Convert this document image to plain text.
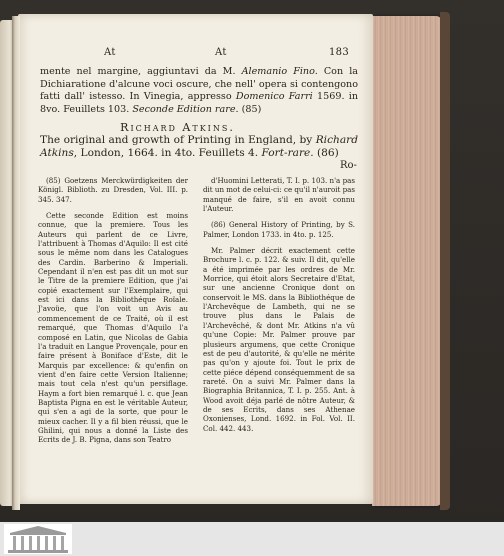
At	At	183
mente nel margine, aggiuntavi da M. Alemanio Fino. Con la Dichiaratione d'alcune voci oscure, che nell' opera si contengono fatti dall' istesso. In Vinegia, appresso Domenico Farri 1569. in 8vo. Feuillets 103. Seconde Edition rare. (85)
Richard Atkins.
The original and growth of Printing in England, by Richard Atkins, London, 1664. in 4to. Feuillets 4. Fort-rare. (86)
Ro-

(85) Goetzens Merckwürdigkeiten der Königl. Biblioth. zu Dresden, Vol. III. p. 345. 347.

Cette seconde Edition est moins connue, que la premiere. Tous les Auteurs qui parlent de ce Livre, l'attribuent à Thomas d'Aquilo: Il est cité sous le même nom dans les Catalogues des Cardin. Barberino & Imperiali. Cependant il n'en est pas dit un mot sur le Titre de la premiere Edition, que j'ai copié exactement sur l'Exemplaire, qui est ici dans la Bibliothéque Roïale. J'avoüe, que l'on voit un Avis au commencement de ce Traité, où il est remarqué, que Thomas d'Aquilo l'a composé en Latin, que Nicolas de Gabia l'a traduit en Langue Provençale, pour en faire présent à Boniface d'Este, dit le Marquis par excellence: & qu'enfin on vient d'en faire cette Version Italienne; mais tout cela n'est qu'un persiflage. Haym a fort bien remarqué l. c. que Jean Baptista Pigna en est le véritable Auteur, qui s'en a agi de la sorte, que pour le mieux cacher. Il y a fil bien réussi, que le Ghilini, qui nous a donné la Liste des Ecrits de J. B. Pigna, dans son Teatro

d'Huomini Letterati, T. I. p. 103. n'a pas dit un mot de celui-ci: ce qu'il n'auroit pas manqué de faire, s'il en avoit connu l'Auteur.

(86) General History of Printing, by S. Palmer, London 1733. in 4to. p. 125.

Mr. Palmer décrit exactement cette Brochure l. c. p. 122. & suiv. Il dit, qu'elle a été imprimée par les ordres de Mr. Morrice, qui étoit alors Secretaire d'Etat, sur une ancienne Cronique dont on conservoit le MS. dans la Bibliothéque de l'Archevêque de Lambeth, qui ne se trouve plus dans le Palais de l'Archevêché, & dont Mr. Atkins n'a vû qu'une Copie: Mr. Palmer prouve par plusieurs argumens, que cette Cronique est de peu d'autorité, & qu'elle ne mérite pas qu'on y ajoute foi. Tout le prix de cette piéce dépend conséquemment de sa rareté. On a suivi Mr. Palmer dans la Biographia Britannica, T. I. p. 255. Ant. à Wood avoit déja parlé de nôtre Auteur, & de ses Ecrits, dans ses Athenae Oxonienses, Lond. 1692. in Fol. Vol. II. Col. 442. 443.
